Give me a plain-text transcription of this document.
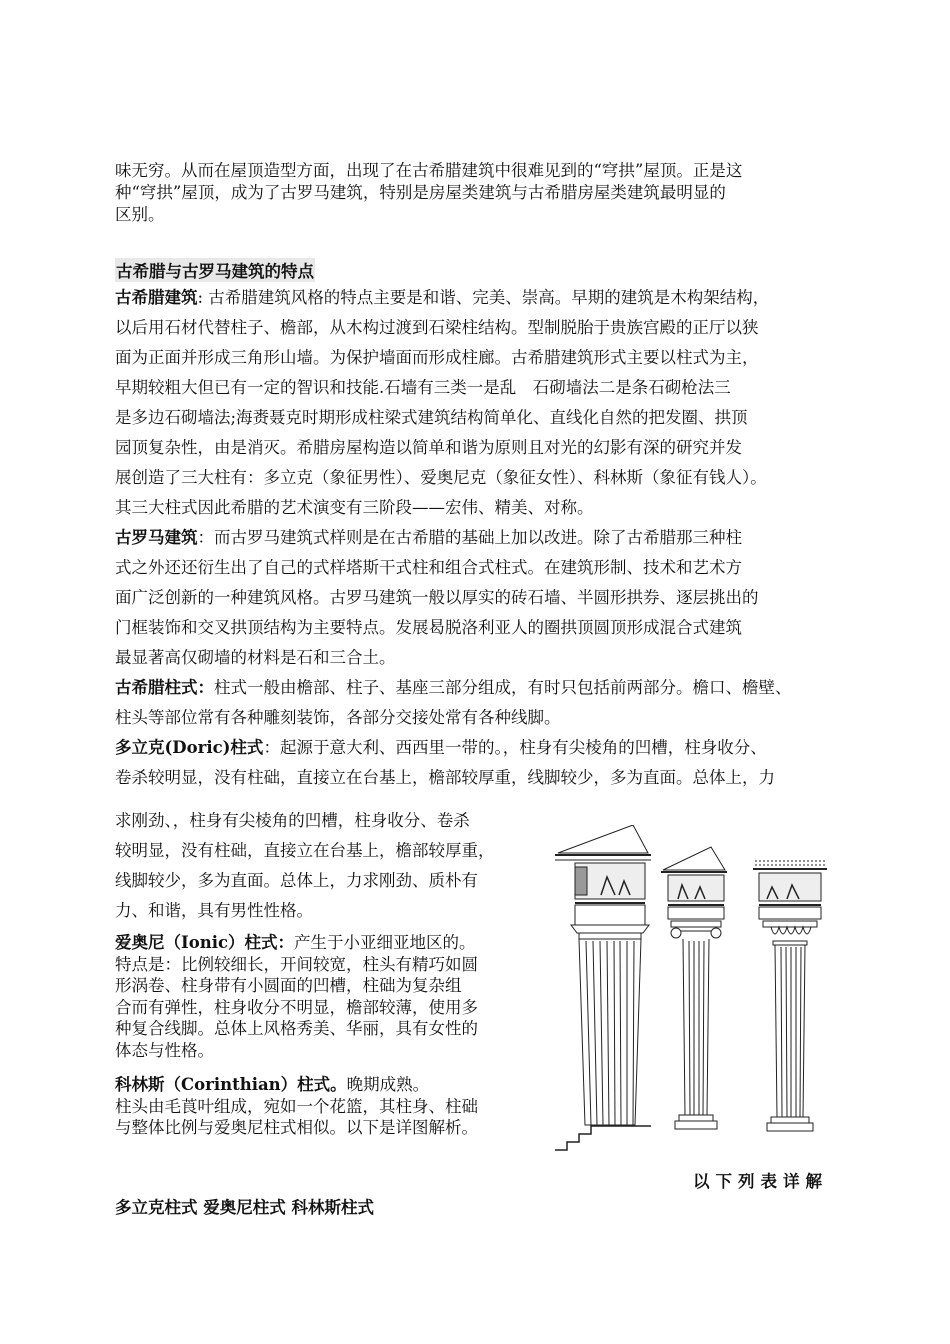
味无穷。从而在屋顶造型方面，出现了在古希腊建筑中很难见到的“穹拱”屋顶。正是这
种“穹拱”屋顶，成为了古罗马建筑，特别是房屋类建筑与古希腊房屋类建筑最明显的
区别。
古希腊与古罗马建筑的特点
古希腊建筑: 古希腊建筑风格的特点主要是和谐、完美、崇高。早期的建筑是木构架结构，
以后用石材代替柱子、檐部，从木构过渡到石梁柱结构。型制脱胎于贵族宫殿的正厅以狭
面为正面并形成三角形山墙。为保护墙面而形成柱廊。古希腊建筑形式主要以柱式为主，
早期较粗大但已有一定的智识和技能.石墙有三类一是乱　石砌墙法二是条石砌枪法三
是多边石砌墙法;海赉聂克时期形成柱梁式建筑结构简单化、直线化自然的把发圈、拱顶
园顶复杂性，由是消灭。希腊房屋构造以简单和谐为原则且对光的幻影有深的研究并发
展创造了三大柱有：多立克（象征男性）、爱奥尼克（象征女性）、科林斯（象征有钱人）。
其三大柱式因此希腊的艺术演变有三阶段——宏伟、精美、对称。
古罗马建筑：而古罗马建筑式样则是在古希腊的基础上加以改进。除了古希腊那三种柱
式之外还还衍生出了自己的式样塔斯干式柱和组合式柱式。在建筑形制、技术和艺术方
面广泛创新的一种建筑风格。古罗马建筑一般以厚实的砖石墙、半圆形拱券、逐层挑出的
门框装饰和交叉拱顶结构为主要特点。发展曷脱洛利亚人的圈拱顶圆顶形成混合式建筑
最显著高仅砌墙的材料是石和三合土。
古希腊柱式：柱式一般由檐部、柱子、基座三部分组成，有时只包括前两部分。檐口、檐壁、
柱头等部位常有各种雕刻装饰，各部分交接处常有各种线脚。
多立克(Doric)柱式：起源于意大利、西西里一带的。，柱身有尖棱角的凹槽，柱身收分、
卷杀较明显，没有柱础，直接立在台基上，檐部较厚重，线脚较少，多为直面。总体上，力
求刚劲、，柱身有尖棱角的凹槽，柱身收分、卷杀
较明显，没有柱础，直接立在台基上，檐部较厚重，
线脚较少，多为直面。总体上，力求刚劲、质朴有
力、和谐，具有男性性格。
爱奥尼（Ionic）柱式：产生于小亚细亚地区的。
特点是：比例较细长，开间较宽，柱头有精巧如圆
形涡卷、柱身带有小圆面的凹槽，柱础为复杂组
合而有弹性，柱身收分不明显，檐部较薄，使用多
种复合线脚。总体上风格秀美、华丽，具有女性的
体态与性格。
科林斯（Corinthian）柱式。晚期成熟。
柱头由毛莨叶组成，宛如一个花篮，其柱身、柱础
与整体比例与爱奥尼柱式相似。以下是详图解析。
以下列表详解
多立克柱式 爱奥尼柱式 科林斯柱式
